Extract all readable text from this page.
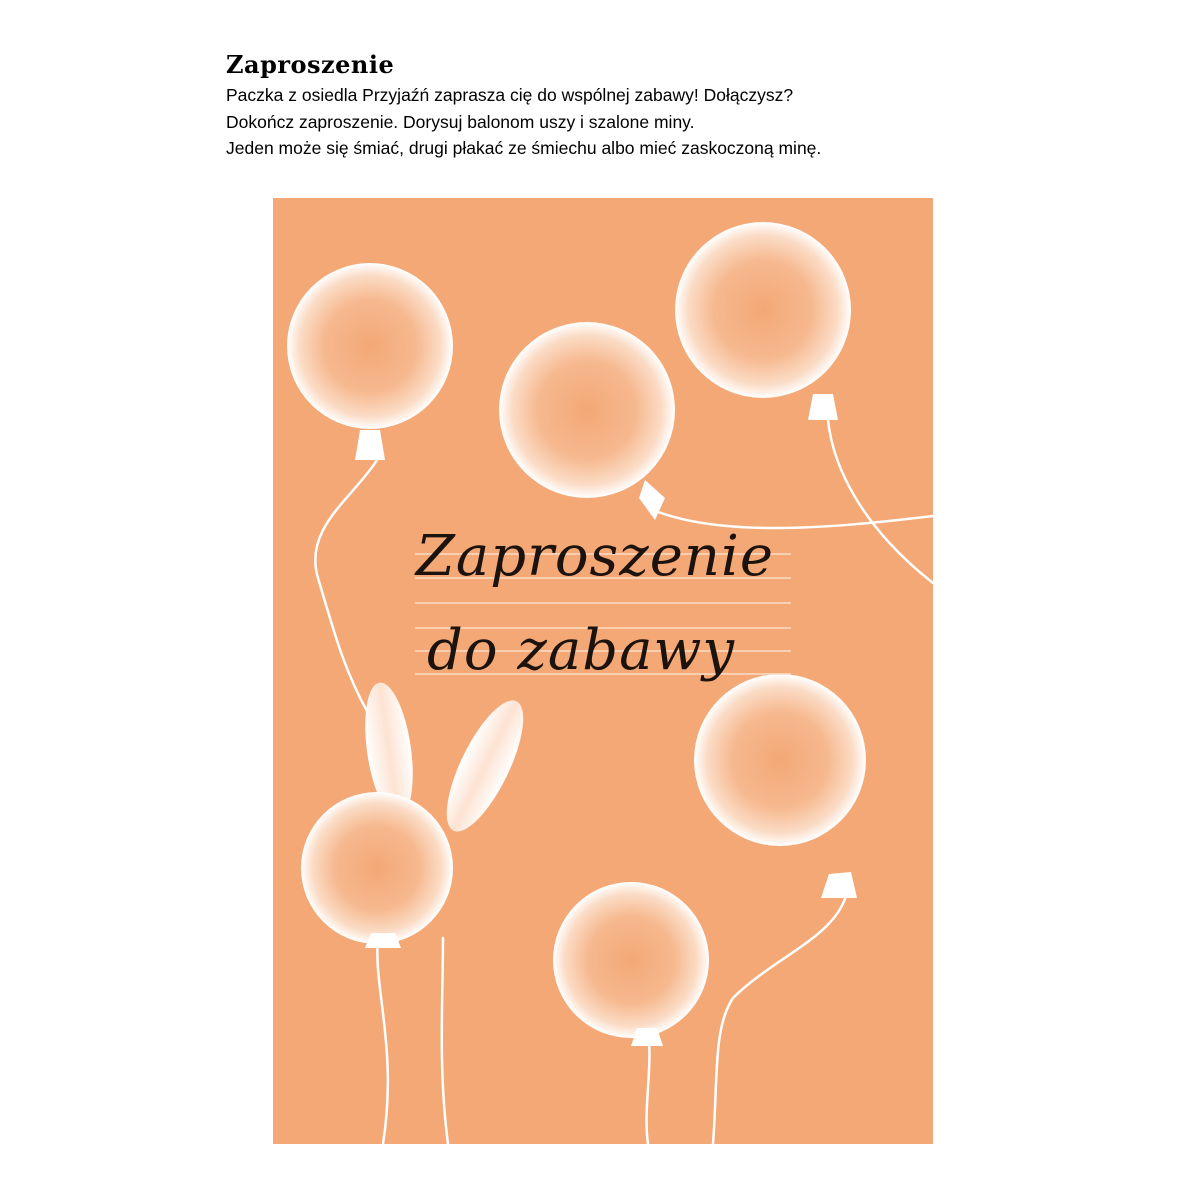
Zaproszenie

Paczka z osiedla Przyjaźń zaprasza cię do wspólnej zabawy! Dołączysz?

Dokończ zaproszenie. Dorysuj balonom uszy i szalone miny.

Jeden może się śmiać, drugi płakać ze śmiechu albo mieć zaskoczoną minę.

Zaproszenie

do zabawy
